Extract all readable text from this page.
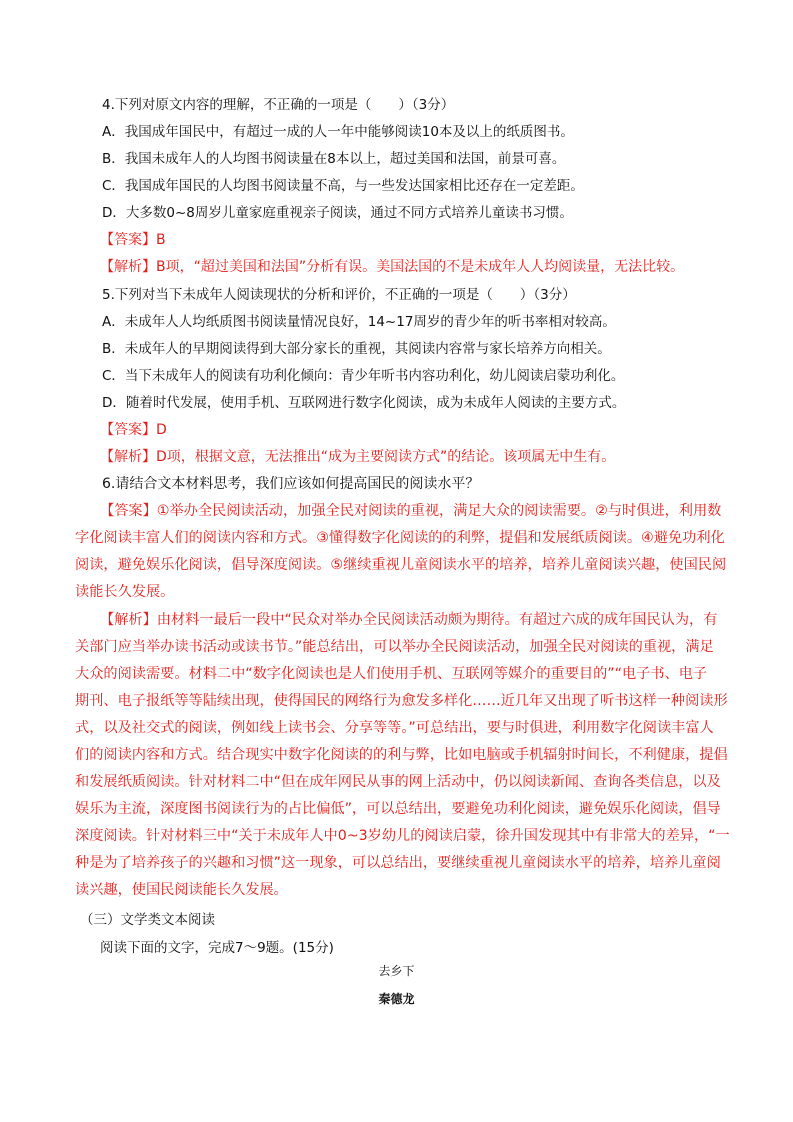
4.下列对原文内容的理解，不正确的一项是（　　）（3分）
A．我国成年国民中，有超过一成的人一年中能够阅读10本及以上的纸质图书。
B．我国未成年人的人均图书阅读量在8本以上，超过美国和法国，前景可喜。
C．我国成年国民的人均图书阅读量不高，与一些发达国家相比还存在一定差距。
D．大多数0~8周岁儿童家庭重视亲子阅读，通过不同方式培养儿童读书习惯。
【答案】B
【解析】B项，“超过美国和法国”分析有误。美国法国的不是未成年人人均阅读量，无法比较。
5.下列对当下未成年人阅读现状的分析和评价，不正确的一项是（　　）（3分）
A．未成年人人均纸质图书阅读量情况良好，14~17周岁的青少年的听书率相对较高。
B．未成年人的早期阅读得到大部分家长的重视，其阅读内容常与家长培养方向相关。
C．当下未成年人的阅读有功利化倾向：青少年听书内容功利化，幼儿阅读启蒙功利化。
D．随着时代发展，使用手机、互联网进行数字化阅读，成为未成年人阅读的主要方式。
【答案】D
【解析】D项，根据文意，无法推出“成为主要阅读方式”的结论。该项属无中生有。
6.请结合文本材料思考，我们应该如何提高国民的阅读水平？
【答案】①举办全民阅读活动，加强全民对阅读的重视，满足大众的阅读需要。②与时俱进，利用数
字化阅读丰富人们的阅读内容和方式。③懂得数字化阅读的的利弊，提倡和发展纸质阅读。④避免功利化
阅读，避免娱乐化阅读，倡导深度阅读。⑤继续重视儿童阅读水平的培养，培养儿童阅读兴趣，使国民阅
读能长久发展。
【解析】由材料一最后一段中“民众对举办全民阅读活动颇为期待。有超过六成的成年国民认为，有
关部门应当举办读书活动或读书节。”能总结出，可以举办全民阅读活动，加强全民对阅读的重视，满足
大众的阅读需要。材料二中“数字化阅读也是人们使用手机、互联网等媒介的重要目的”“电子书、电子
期刊、电子报纸等等陆续出现，使得国民的网络行为愈发多样化……近几年又出现了听书这样一种阅读形
式，以及社交式的阅读，例如线上读书会、分享等等。”可总结出，要与时俱进，利用数字化阅读丰富人
们的阅读内容和方式。结合现实中数字化阅读的的利与弊，比如电脑或手机辐射时间长，不利健康，提倡
和发展纸质阅读。针对材料二中“但在成年网民从事的网上活动中，仍以阅读新闻、查询各类信息，以及
娱乐为主流，深度图书阅读行为的占比偏低”，可以总结出，要避免功利化阅读，避免娱乐化阅读，倡导
深度阅读。针对材料三中“关于未成年人中0~3岁幼儿的阅读启蒙，徐升国发现其中有非常大的差异，“一
种是为了培养孩子的兴趣和习惯”这一现象，可以总结出，要继续重视儿童阅读水平的培养，培养儿童阅
读兴趣，使国民阅读能长久发展。
（三）文学类文本阅读
阅读下面的文字，完成7～9题。(15分)
去乡下
秦德龙
